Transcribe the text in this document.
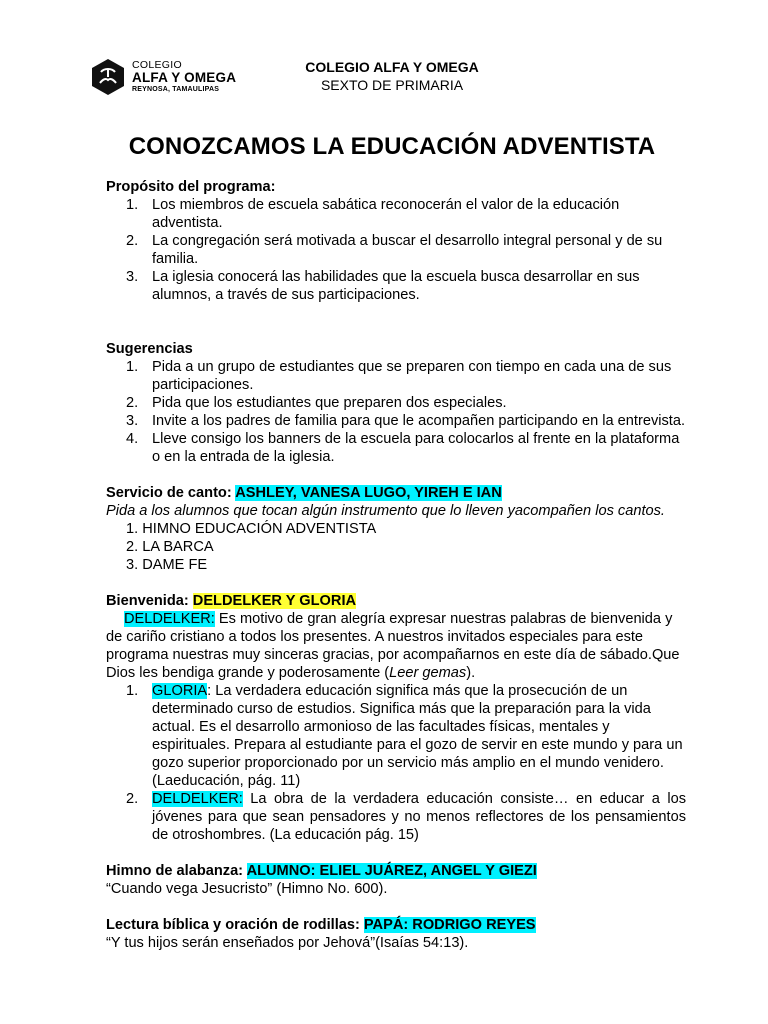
COLEGIO
ALFA Y OMEGA
REYNOSA, TAMAULIPAS
COLEGIO ALFA Y OMEGA
SEXTO DE PRIMARIA
CONOZCAMOS LA EDUCACIÓN ADVENTISTA

Propósito del programa:

1. Los miembros de escuela sabática reconocerán el valor de la educación adventista.
2. La congregación será motivada a buscar el desarrollo integral personal y de su familia.
3. La iglesia conocerá las habilidades que la escuela busca desarrollar en sus alumnos, a través de sus participaciones.

Sugerencias

1. Pida a un grupo de estudiantes que se preparen con tiempo en cada una de sus participaciones.
2. Pida que los estudiantes que preparen dos especiales.
3. Invite a los padres de familia para que le acompañen participando en la entrevista.
4. Lleve consigo los banners de la escuela para colocarlos al frente en la plataforma o en la entrada de la iglesia.

Servicio de canto: ASHLEY, VANESA LUGO, YIREH E IAN

Pida a los alumnos que tocan algún instrumento que lo lleven yacompañen los cantos.
1. HIMNO EDUCACIÓN ADVENTISTA
2. LA BARCA
3. DAME FE

Bienvenida: DELDELKER Y GLORIA

DELDELKER: Es motivo de gran alegría expresar nuestras palabras de bienvenida y de cariño cristiano a todos los presentes. A nuestros invitados especiales para este programa nuestras muy sinceras gracias, por acompañarnos en este día de sábado.Que Dios les bendiga grande y poderosamente (Leer gemas).
1. GLORIA: La verdadera educación significa más que la prosecución de un determinado curso de estudios. Significa más que la preparación para la vida actual. Es el desarrollo armonioso de las facultades físicas, mentales y espirituales. Prepara al estudiante para el gozo de servir en este mundo y para un gozo superior proporcionado por un servicio más amplio en el mundo venidero. (Laeducación, pág. 11)
2. DELDELKER: La obra de la verdadera educación consiste… en educar a los jóvenes para que sean pensadores y no menos reflectores de los pensamientos de otroshombres. (La educación pág. 15)

Himno de alabanza: ALUMNO: ELIEL JUÁREZ, ANGEL Y GIEZI

“Cuando vega Jesucristo” (Himno No. 600).

Lectura bíblica y oración de rodillas: PAPÁ: RODRIGO REYES

“Y tus hijos serán enseñados por Jehová”(Isaías 54:13).
